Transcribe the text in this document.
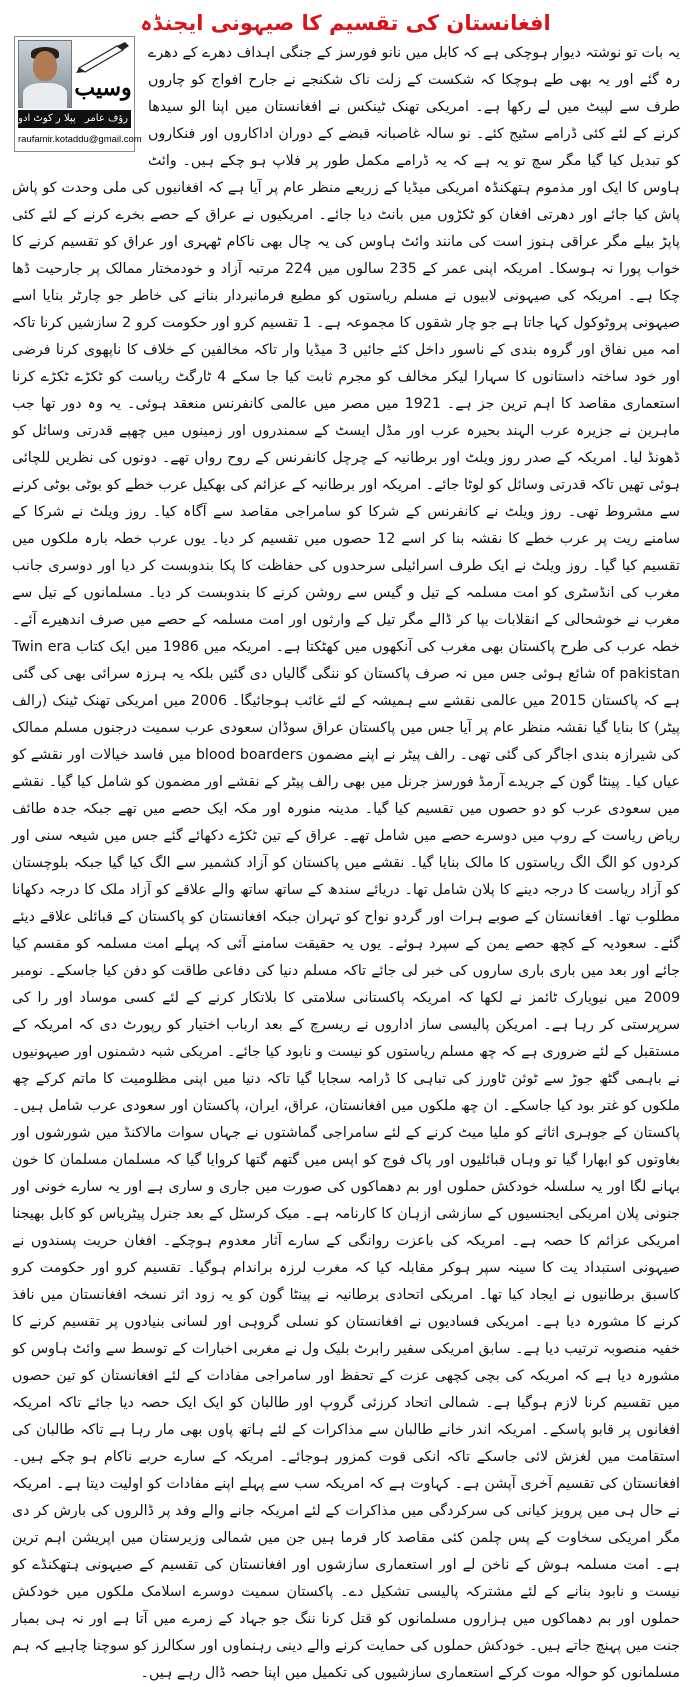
افغانستان کی تقسیم کا صیہونی ایجنڈہ
وسیب
رؤف عامر پپلا ر کوٹ ادو
raufamir.kotaddu@gmail.com

یہ بات تو نوشتہ دیوار ہوچکی ہے کہ کابل میں نانو فورسز کے جنگی اہداف دھرے کے دھرے رہ گئے اور یہ بھی طے ہوچکا کہ شکست کے زلت ناک شکنجے نے جارح افواج کو چاروں طرف سے لپیٹ میں لے رکھا ہے۔ امریکی تھنک ٹینکس نے افغانستان میں اپنا الو سیدھا کرنے کے لئے کئی ڈرامے سٹیج کئے۔ نو سالہ غاصبانہ قبضے کے دوران اداکاروں اور فنکاروں کو تبدیل کیا گیا مگر سچ تو یہ ہے کہ یہ ڈرامے مکمل طور پر فلاپ ہو چکے ہیں۔ وائٹ ہاوس کا ایک اور مذموم ہتھکنڈہ امریکی میڈیا کے زریعے منظر عام پر آیا ہے کہ افغانیوں کی ملی وحدت کو پاش پاش کیا جائے اور دھرتی افغان کو ٹکڑوں میں بانٹ دیا جائے۔ امریکیوں نے عراق کے حصے بخرے کرنے کے لئے کئی پاپڑ بیلے مگر عراقی ہنوز است کی مانند وائٹ ہاوس کی یہ چال بھی ناکام ٹھہری اور عراق کو تقسیم کرنے کا خواب پورا نہ ہوسکا۔ امریکہ اپنی عمر کے 235 سالوں میں 224 مرتبہ آزاد و خودمختار ممالک پر جارحیت ڈھا چکا ہے۔ امریکہ کی صیہونی لابیوں نے مسلم ریاستوں کو مطیع فرمانبردار بنانے کی خاطر جو چارٹر بنایا اسے صیہونی پروٹوکول کہا جاتا ہے جو چار شقوں کا مجموعہ ہے۔ 1 تقسیم کرو اور حکومت کرو 2 سازشیں کرنا تاکہ امہ میں نفاق اور گروہ بندی کے ناسور داخل کئے جائیں 3 میڈیا وار تاکہ مخالفین کے خلاف کا ناپھوی کرنا فرضی اور خود ساختہ داستانوں کا سہارا لیکر مخالف کو مجرم ثابت کیا جا سکے 4 ٹارگٹ ریاست کو ٹکڑے ٹکڑے کرنا استعماری مقاصد کا اہم ترین جز ہے۔ 1921 میں مصر میں عالمی کانفرنس منعقد ہوئی۔ یہ وہ دور تھا جب ماہرین نے جزیرہ عرب الہند بحیرہ عرب اور مڈل ایسٹ کے سمندروں اور زمینوں میں چھپے قدرتی وسائل کو ڈھونڈ لیا۔ امریکہ کے صدر روز ویلٹ اور برطانیہ کے چرچل کانفرنس کے روح رواں تھے۔ دونوں کی نظریں للچائی ہوئی تھیں تاکہ قدرتی وسائل کو لوٹا جائے۔ امریکہ اور برطانیہ کے عزائم کی بھکیل عرب خطے کو بوٹی بوٹی کرنے سے مشروط تھی۔ روز ویلٹ نے کانفرنس کے شرکا کو سامراجی مقاصد سے آگاہ کیا۔ روز ویلٹ نے شرکا کے سامنے ریت پر عرب خطے کا نقشہ بنا کر اسے 12 حصوں میں تقسیم کر دیا۔ یوں عرب خطہ بارہ ملکوں میں تقسیم کیا گیا۔ روز ویلٹ نے ایک طرف اسرائیلی سرحدوں کی حفاظت کا پکا بندوبست کر دیا اور دوسری جانب مغرب کی انڈسٹری کو امت مسلمہ کے تیل و گیس سے روشن کرنے کا بندوبست کر دیا۔ مسلمانوں کے تیل سے مغرب نے خوشحالی کے انقلابات بپا کر ڈالے مگر تیل کے وارثوں اور امت مسلمہ کے حصے میں صرف اندھیرے آئے۔ خطہ عرب کی طرح پاکستان بھی مغرب کی آنکھوں میں کھٹکتا ہے۔ امریکہ میں 1986 میں ایک کتاب Twin era of pakistan شائع ہوئی جس میں نہ صرف پاکستان کو ننگی گالیاں دی گئیں بلکہ یہ ہرزہ سرائی بھی کی گئی ہے کہ پاکستان 2015 میں عالمی نقشے سے ہمیشہ کے لئے غائب ہوجائیگا۔ 2006 میں امریکی تھنک ٹینک (رالف پیٹر) کا بنایا گیا نقشہ منظر عام پر آیا جس میں پاکستان عراق سوڈان سعودی عرب سمیت درجنوں مسلم ممالک کی شیرازہ بندی اجاگر کی گئی تھی۔ رالف پیٹر نے اپنے مضمون blood boarders میں فاسد خیالات اور نقشے کو عیاں کیا۔ پینٹا گون کے جریدے آرمڈ فورسز جرنل میں بھی رالف پیٹر کے نقشے اور مضمون کو شامل کیا گیا۔ نقشے میں سعودی عرب کو دو حصوں میں تقسیم کیا گیا۔ مدینہ منورہ اور مکہ ایک حصے میں تھے جبکہ جدہ طائف ریاض ریاست کے روپ میں دوسرے حصے میں شامل تھے۔ عراق کے تین ٹکڑے دکھائے گئے جس میں شیعہ سنی اور کردوں کو الگ الگ ریاستوں کا مالک بنایا گیا۔ نقشے میں پاکستان کو آزاد کشمیر سے الگ کیا گیا جبکہ بلوچستان کو آزاد ریاست کا درجہ دینے کا پلان شامل تھا۔ دریائے سندھ کے ساتھ ساتھ والے علاقے کو آزاد ملک کا درجہ دکھانا مطلوب تھا۔ افغانستان کے صوبے ہرات اور گردو نواح کو تہران جبکہ افغانستان کو پاکستان کے قبائلی علاقے دیئے گئے۔ سعودیہ کے کچھ حصے یمن کے سپرد ہوئے۔ یوں یہ حقیقت سامنے آئی کہ پہلے امت مسلمہ کو مقسم کیا جائے اور بعد میں باری باری ساروں کی خبر لی جائے تاکہ مسلم دنیا کی دفاعی طاقت کو دفن کیا جاسکے۔ نومبر 2009 میں نیویارک ٹائمز نے لکھا کہ امریکہ پاکستانی سلامتی کا بلاتکار کرنے کے لئے کسی موساد اور را کی سرپرستی کر رہا ہے۔ امریکن پالیسی ساز اداروں نے ریسرچ کے بعد ارباب اختیار کو رپورٹ دی کہ امریکہ کے مستقبل کے لئے ضروری ہے کہ چھ مسلم ریاستوں کو نیست و نابود کیا جائے۔ امریکی شبہ دشمنوں اور صیہونیوں نے باہمی گٹھ جوڑ سے ٹوئن ٹاورز کی تباہی کا ڈرامہ سجایا گیا تاکہ دنیا میں اپنی مظلومیت کا ماتم کرکے چھ ملکوں کو غتر بود کیا جاسکے۔ ان چھ ملکوں میں افغانستان، عراق، ایران، پاکستان اور سعودی عرب شامل ہیں۔ پاکستان کے جوہری اثاثے کو ملیا میٹ کرنے کے لئے سامراجی گماشتوں نے جہاں سوات مالاکنڈ میں شورشوں اور بغاوتوں کو ابھارا گیا تو وہاں قبائلیوں اور پاک فوج کو اپس میں گتھم گتھا کروایا گیا کہ مسلمان مسلمان کا خون بہانے لگا اور یہ سلسلہ خودکش حملوں اور بم دھماکوں کی صورت میں جاری و ساری ہے اور یہ سارے خونی اور جنونی پلان امریکی ایجنسیوں کے سازشی ازہان کا کارنامہ ہے۔ میک کرسٹل کے بعد جنرل پیٹریاس کو کابل بھیجنا امریکی عزائم کا حصہ ہے۔ امریکہ کی باعزت روانگی کے سارے آثار معدوم ہوچکے۔ افغان حریت پسندوں نے صیہونی استبداد یت کا سینہ سپر ہوکر مقابلہ کیا کہ مغرب لرزہ براندام ہوگیا۔ تقسیم کرو اور حکومت کرو کاسبق برطانیوں نے ایجاد کیا تھا۔ امریکی اتحادی برطانیہ نے پینٹا گون کو یہ زود اثر نسخہ افغانستان میں نافذ کرنے کا مشورہ دیا ہے۔ امریکی فسادیوں نے افغانستان کو نسلی گروہی اور لسانی بنیادوں پر تقسیم کرنے کا خفیہ منصوبہ ترتیب دیا ہے۔ سابق امریکی سفیر رابرٹ بلیک ول نے مغربی اخبارات کے توسط سے وائٹ ہاوس کو مشورہ دیا ہے کہ امریکہ کی بچی کچھی عزت کے تحفظ اور سامراجی مفادات کے لئے افغانستان کو تین حصوں میں تقسیم کرنا لازم ہوگیا ہے۔ شمالی اتحاد کرزئی گروپ اور طالبان کو ایک ایک حصہ دیا جائے تاکہ امریکہ افغانوں پر قابو پاسکے۔ امریکہ اندر خانے طالبان سے مذاکرات کے لئے ہاتھ پاوں بھی مار رہا ہے تاکہ طالبان کی استقامت میں لغزش لائی جاسکے تاکہ انکی قوت کمزور ہوجائے۔ امریکہ کے سارے حربے ناکام ہو چکے ہیں۔ افغانستان کی تقسیم آخری آپشن ہے۔ کہاوت ہے کہ امریکہ سب سے پہلے اپنے مفادات کو اولیت دیتا ہے۔ امریکہ نے حال ہی میں پرویز کیانی کی سرکردگی میں مذاکرات کے لئے امریکہ جانے والے وفد پر ڈالروں کی بارش کر دی مگر امریکی سخاوت کے پس چلمن کئی مقاصد کار فرما ہیں جن میں شمالی وزیرستان میں اپریشن اہم ترین ہے۔ امت مسلمہ ہوش کے ناخن لے اور استعماری سازشوں اور افغانستان کی تقسیم کے صیہونی ہتھکنڈے کو نیست و نابود بنانے کے لئے مشترکہ پالیسی تشکیل دے۔ پاکستان سمیت دوسرے اسلامک ملکوں میں خودکش حملوں اور بم دھماکوں میں ہزاروں مسلمانوں کو قتل کرنا ننگ جو جہاد کے زمرے میں آتا ہے اور نہ ہی بمبار جنت میں پہنچ جاتے ہیں۔ خودکش حملوں کی حمایت کرنے والے دینی رہنماوں اور سکالرز کو سوچنا چاہیے کہ ہم مسلمانوں کو حوالہ موت کرکے استعماری سازشیوں کی تکمیل میں اپنا حصہ ڈال رہے ہیں۔
